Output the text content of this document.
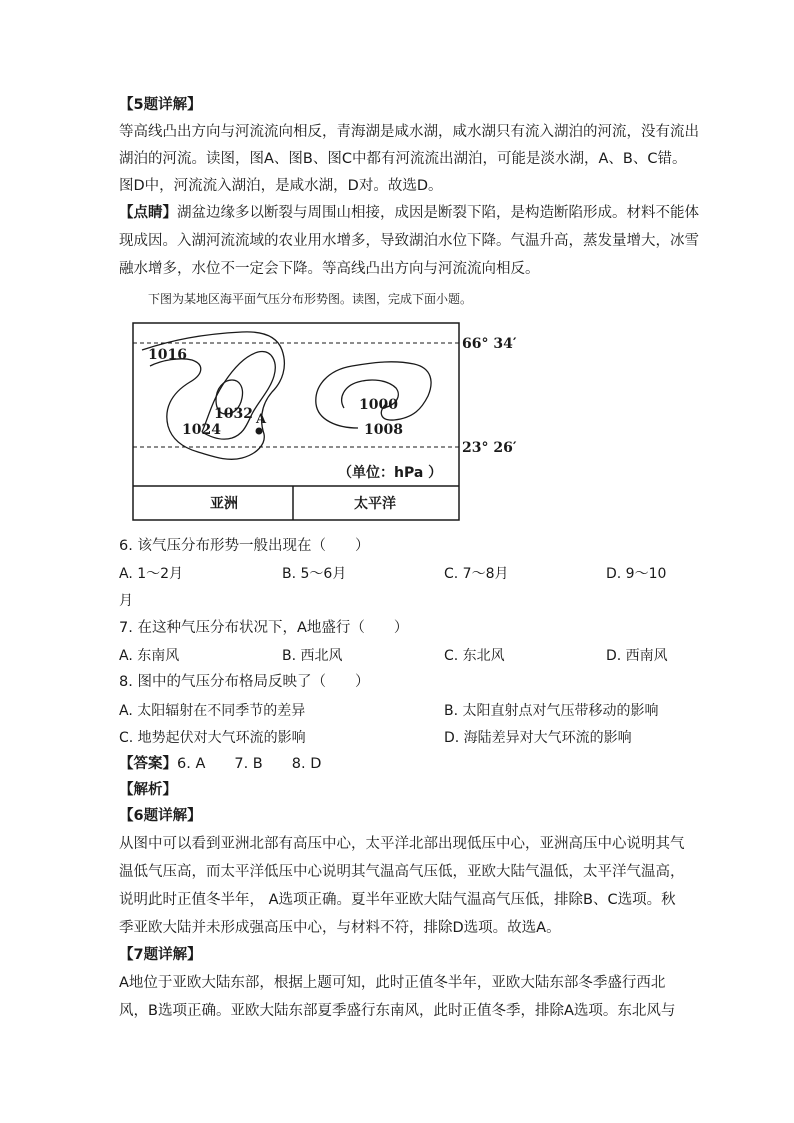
【5题详解】
等高线凸出方向与河流流向相反，青海湖是咸水湖，咸水湖只有流入湖泊的河流，没有流出
湖泊的河流。读图，图A、图B、图C中都有河流流出湖泊，可能是淡水湖，A、B、C错。
图D中，河流流入湖泊，是咸水湖，D对。故选D。
【点睛】湖盆边缘多以断裂与周围山相接，成因是断裂下陷，是构造断陷形成。材料不能体
现成因。入湖河流流域的农业用水增多，导致湖泊水位下降。气温升高，蒸发量增大，冰雪
融水增多，水位不一定会下降。等高线凸出方向与河流流向相反。
下图为某地区海平面气压分布形势图。读图，完成下面小题。
A
1016
1032
1024
1000
1008
66° 34′
23° 26′
（单位：hPa ）
亚洲	太平洋
6. 该气压分布形势一般出现在（　　）
A. 1～2月	B. 5～6月	C. 7～8月	D. 9～10
月
7. 在这种气压分布状况下，A地盛行（　　）
A. 东南风	B. 西北风	C. 东北风	D. 西南风
8. 图中的气压分布格局反映了（　　）
A. 太阳辐射在不同季节的差异	B. 太阳直射点对气压带移动的影响
C. 地势起伏对大气环流的影响	D. 海陆差异对大气环流的影响
【答案】6. A　　7. B　　8. D
【解析】
【6题详解】
从图中可以看到亚洲北部有高压中心，太平洋北部出现低压中心，亚洲高压中心说明其气
温低气压高，而太平洋低压中心说明其气温高气压低，亚欧大陆气温低，太平洋气温高，
说明此时正值冬半年， A选项正确。夏半年亚欧大陆气温高气压低，排除B、C选项。秋
季亚欧大陆并未形成强高压中心，与材料不符，排除D选项。故选A。
【7题详解】
A地位于亚欧大陆东部，根据上题可知，此时正值冬半年，亚欧大陆东部冬季盛行西北
风，B选项正确。亚欧大陆东部夏季盛行东南风，此时正值冬季，排除A选项。东北风与
